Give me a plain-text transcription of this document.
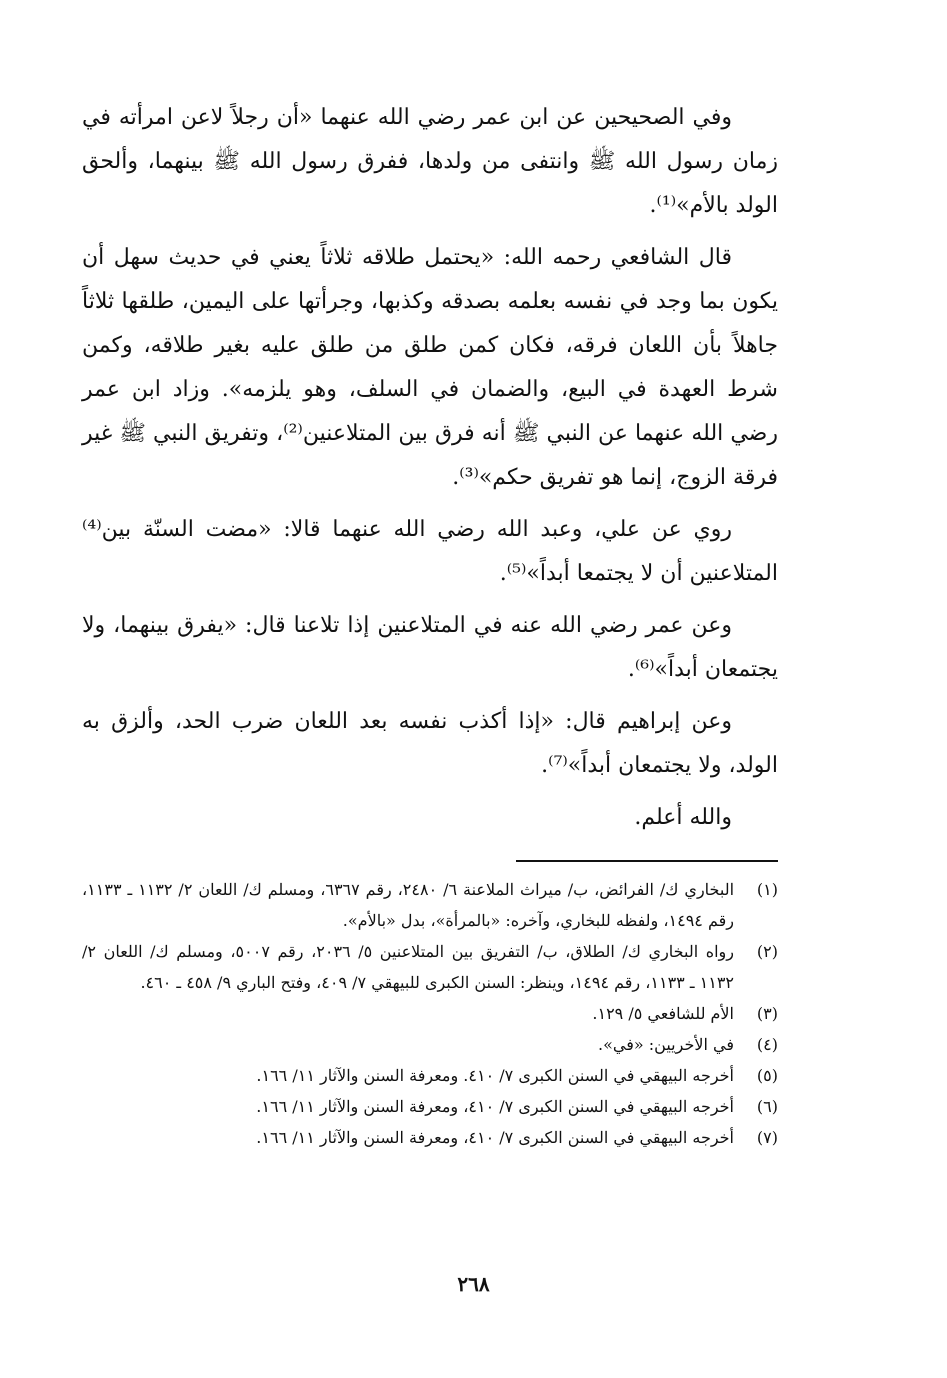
وفي الصحيحين عن ابن عمر رضي الله عنهما «أن رجلاً لاعن امرأته في زمان رسول الله ﷺ وانتفى من ولدها، ففرق رسول الله ﷺ بينهما، وألحق الولد بالأم»⁽¹⁾.

قال الشافعي رحمه الله: «يحتمل طلاقه ثلاثاً يعني في حديث سهل أن يكون بما وجد في نفسه بعلمه بصدقه وكذبها، وجرأتها على اليمين، طلقها ثلاثاً جاهلاً بأن اللعان فرقه، فكان كمن طلق من طلق عليه بغير طلاقه، وكمن شرط العهدة في البيع، والضمان في السلف، وهو يلزمه». وزاد ابن عمر رضي الله عنهما عن النبي ﷺ أنه فرق بين المتلاعنين⁽²⁾، وتفريق النبي ﷺ غير فرقة الزوج، إنما هو تفريق حكم»⁽³⁾.

روي عن علي، وعبد الله رضي الله عنهما قالا: «مضت السنّة بين⁽⁴⁾ المتلاعنين أن لا يجتمعا أبداً»⁽⁵⁾.

وعن عمر رضي الله عنه في المتلاعنين إذا تلاعنا قال: «يفرق بينهما، ولا يجتمعان أبداً»⁽⁶⁾.

وعن إبراهيم قال: «إذا أكذب نفسه بعد اللعان ضرب الحد، وألزق به الولد، ولا يجتمعان أبداً»⁽⁷⁾.

والله أعلم.

(١)
البخاري ك/ الفرائض، ب/ ميراث الملاعنة ٦/ ٢٤٨٠، رقم ٦٣٦٧، ومسلم ك/ اللعان ٢/ ١١٣٢ ـ ١١٣٣، رقم ١٤٩٤، ولفظه للبخاري، وآخره: «بالمرأة»، بدل «بالأم».
(٢)
رواه البخاري ك/ الطلاق، ب/ التفريق بين المتلاعنين ٥/ ٢٠٣٦، رقم ٥٠٠٧، ومسلم ك/ اللعان ٢/ ١١٣٢ ـ ١١٣٣، رقم ١٤٩٤، وينظر: السنن الكبرى للبيهقي ٧/ ٤٠٩، وفتح الباري ٩/ ٤٥٨ ـ ٤٦٠.
(٣)
الأم للشافعي ٥/ ١٢٩.
(٤)
في الأخريين: «في».
(٥)
أخرجه البيهقي في السنن الكبرى ٧/ ٤١٠. ومعرفة السنن والآثار ١١/ ١٦٦.
(٦)
أخرجه البيهقي في السنن الكبرى ٧/ ٤١٠، ومعرفة السنن والآثار ١١/ ١٦٦.
(٧)
أخرجه البيهقي في السنن الكبرى ٧/ ٤١٠، ومعرفة السنن والآثار ١١/ ١٦٦.
٢٦٨
